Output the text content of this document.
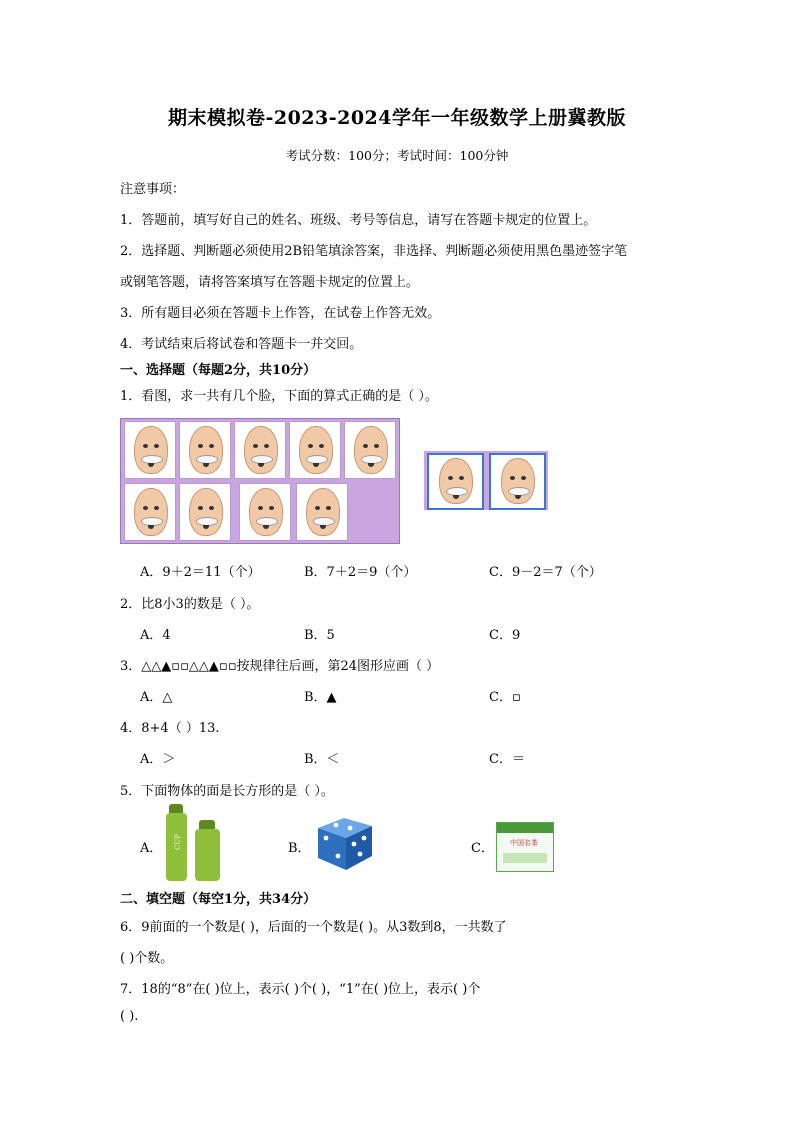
期末模拟卷-2023-2024学年一年级数学上册冀教版
考试分数：100分；考试时间：100分钟
注意事项：
1．答题前，填写好自己的姓名、班级、考号等信息，请写在答题卡规定的位置上。
2．选择题、判断题必须使用2B铅笔填涂答案，非选择、判断题必须使用黑色墨迹签字笔
或钢笔答题，请将答案填写在答题卡规定的位置上。
3．所有题目必须在答题卡上作答，在试卷上作答无效。
4．考试结束后将试卷和答题卡一并交回。
一、选择题（每题2分，共10分）
1．看图，求一共有几个脸，下面的算式正确的是（ ）。
A．9＋2＝11（个）	B．7＋2＝9（个）	C．9－2＝7（个）
2．比8小3的数是（ ）。
A．4	B．5	C．9
3．△△▲▫▫△△▲▫▫按规律往后画，第24图形应画（ ）
A．△	B．▲	C．▫
4．8+4（ ）13.
A．＞	B．＜	C．＝
5．下面物体的面是长方形的是（ ）。
A． CUP	B．	C．	中国名茶
二、填空题（每空1分，共34分）
6．9前面的一个数是( )，后面的一个数是( )。从3数到8，一共数了
( )个数。
7．18的“8”在( )位上，表示( )个( )，“1”在( )位上，表示( )个
( ).
